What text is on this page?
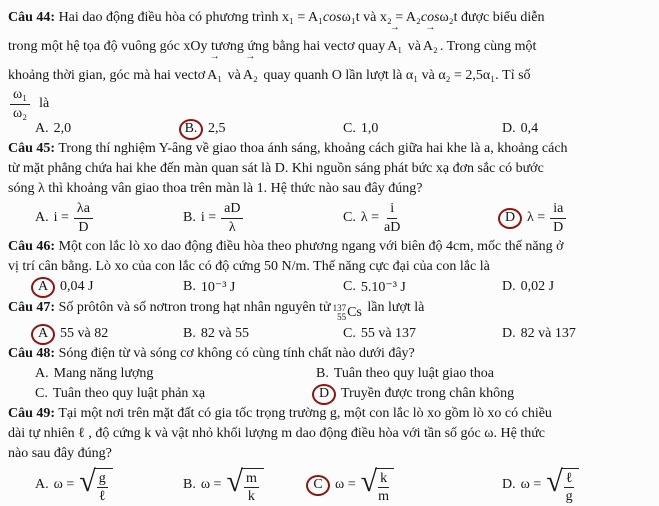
Câu 44: Hai dao động điều hòa có phương trình x₁ = A₁cosω₁t và x₂ = A₂cosω₂t được biểu diễn

trong một hệ tọa độ vuông góc xOy tương ứng bằng hai vectơ quay
→
A₁ và
→
A₂ . Trong cùng một

khoảng thời gian, góc mà hai vectơ
→
A₁ và
→
A₂ quay quanh O lần lượt là α₁ và α₂ = 2,5α₁. Tỉ số

$\frac{\text{ω₁}}{\text{ω₂}}$ là
A. 2,0	B. 2,5	C. 1,0	D. 0,4

Câu 45: Trong thí nghiệm Y-âng về giao thoa ánh sáng, khoảng cách giữa hai khe là a, khoảng cách

từ mặt phẳng chứa hai khe đến màn quan sát là D. Khi nguồn sáng phát bức xạ đơn sắc có bước

sóng λ thì khoảng vân giao thoa trên màn là 1. Hệ thức nào sau đây đúng?

A. $i = \frac{\lambda a}{D}$	B. $i = \frac{aD}{\lambda}$	C. $\lambda = \frac{i}{aD}$	D $\lambda = \frac{ia}{D}$

Câu 46: Một con lắc lò xo dao động điều hòa theo phương ngang với biên độ 4cm, mốc thế năng ở

vị trí cân bằng. Lò xo của con lắc có độ cứng 50 N/m. Thế năng cực đại của con lắc là

A 0,04 J	B. 10⁻³ J	C. 5.10⁻³ J	D. 0,02 J

Câu 47: Số prôtôn và số nơtron trong hạt nhân nguyên tử 137
55 Cs lần lượt là

A 55 và 82	B. 82 và 55	C. 55 và 137	D. 82 và 137

Câu 48: Sóng điện từ và sóng cơ không có cùng tính chất nào dưới đây?

A. Mang năng lượng	B. Tuân theo quy luật giao thoa
C. Tuân theo quy luật phản xạ	D Truyền được trong chân không

Câu 49: Tại một nơi trên mặt đất có gia tốc trọng trường g, một con lắc lò xo gồm lò xo có chiều

dài tự nhiên ℓ , độ cứng k và vật nhỏ khối lượng m dao động điều hòa với tần số góc ω. Hệ thức

nào sau đây đúng?

A. ω = √ $\frac{g}{\text{ℓ}}$	B. ω = √ $\frac{m}{k}$	C ω = √ $\frac{k}{m}$	D. ω = √ $\frac{\text{ℓ}}{g}$
